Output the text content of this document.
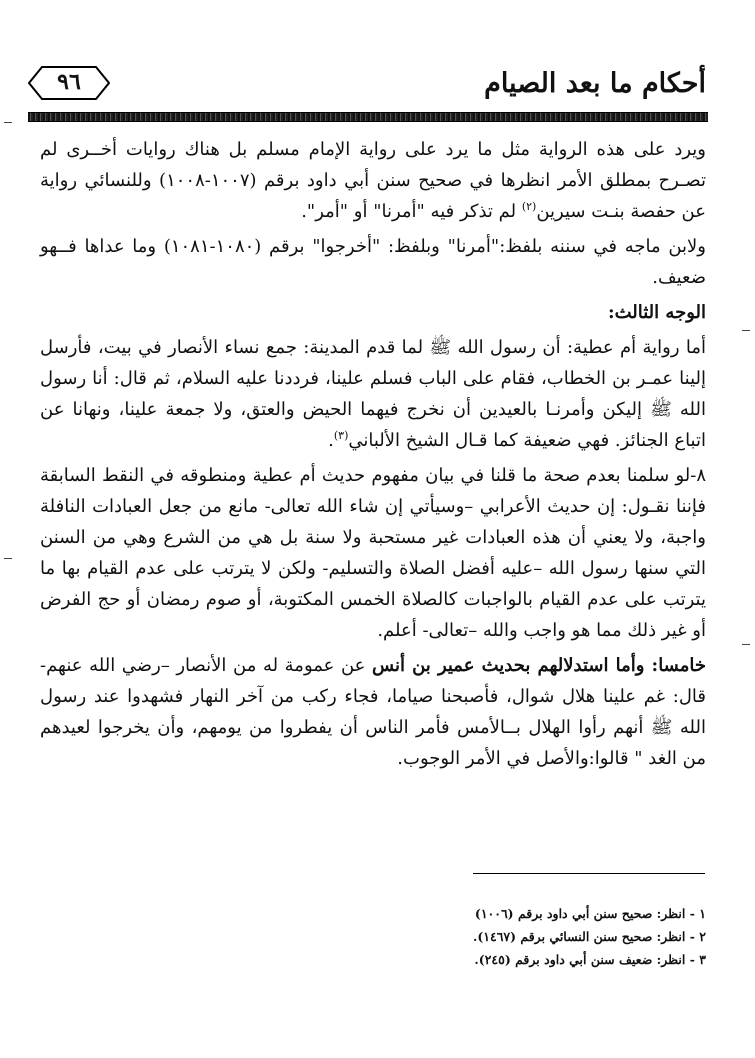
٩٦	أحكام ما بعد الصيام

ويرد على هذه الرواية مثل ما يرد على رواية الإمام مسلم بل هناك روايات أخــرى لم تصـرح بمطلق الأمر انظرها في صحيح سنن أبي داود برقم (١٠٠٧-١٠٠٨) وللنسائي رواية عن حفصة بنـت سيرين$^{(٢)}$ لم تذكر فيه "أمرنا" أو "أمر".

ولابن ماجه في سننه بلفظ:"أمرنا" وبلفظ: "أخرجوا" برقم (١٠٨٠-١٠٨١) وما عداها فــهو ضعيف.

الوجه الثالث:

أما رواية أم عطية: أن رسول الله ﷺ لما قدم المدينة: جمع نساء الأنصار في بيت، فأرسل إلينا عمـر بن الخطاب، فقام على الباب فسلم علينا، فرددنا عليه السلام، ثم قال: أنا رسول الله ﷺ إليكن وأمرنـا بالعيدين أن نخرج فيهما الحيض والعتق، ولا جمعة علينا، ونهانا عن اتباع الجنائز. فهي ضعيفة كما قـال الشيخ الألباني$^{(٣)}$.

٨-لو سلمنا بعدم صحة ما قلنا في بيان مفهوم حديث أم عطية ومنطوقه في النقط السابقة فإننا نقـول: إن حديث الأعرابي –وسيأتي إن شاء الله تعالى- مانع من جعل العبادات النافلة واجبة، ولا يعني أن هذه العبادات غير مستحبة ولا سنة بل هي من الشرع وهي من السنن التي سنها رسول الله –عليه أفضل الصلاة والتسليم- ولكن لا يترتب على عدم القيام بها ما يترتب على عدم القيام بالواجبات كالصلاة الخمس المكتوبة، أو صوم رمضان أو حج الفرض أو غير ذلك مما هو واجب والله –تعالى- أعلم.

خامسا: وأما استدلالهم بحديث عمير بن أنس عن عمومة له من الأنصار –رضي الله عنهم- قال: غم علينا هلال شوال، فأصبحنا صياما، فجاء ركب من آخر النهار فشهدوا عند رسول الله ﷺ أنهم رأوا الهلال بــالأمس فأمر الناس أن يفطروا من يومهم، وأن يخرجوا لعيدهم من الغد " قالوا:والأصل في الأمر الوجوب.

١ - انظر: صحيح سنن أبي داود برقم (١٠٠٦)
٢ - انظر: صحيح سنن النسائي برقم (١٤٦٧).
٣ - انظر: ضعيف سنن أبي داود برقم (٢٤٥).
